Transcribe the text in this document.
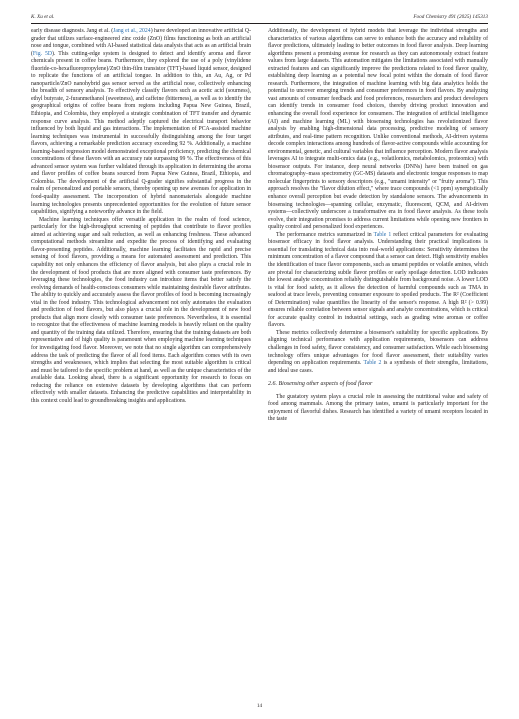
K. Xu et al.	Food Chemistry 491 (2025) 145313

early disease diagnosis. Jang et al. (Jang et al., 2024) have developed an innovative artificial Q-grader that utilizes surface-engineered zinc oxide (ZnO) films functioning as both an artificial nose and tongue, combined with AI-based statistical data analysis that acts as an artificial brain (Fig. 5D). This cutting-edge system is designed to detect and identify aroma and flavor chemicals present in coffee beans. Furthermore, they explored the use of a poly (vinylidene fluoride-co-hexafluoropropylene)/ZnO thin-film transistor (TFT)-based liquid sensor, designed to replicate the functions of an artificial tongue. In addition to this, an Au, Ag, or Pd nanoparticle/ZnO nanohybrid gas sensor served as the artificial nose, collectively enhancing the breadth of sensory analysis. To effectively classify flavors such as acetic acid (sourness), ethyl butyrate, 2-furanmethanol (sweetness), and caffeine (bitterness), as well as to identify the geographical origins of coffee beans from regions including Papua New Guinea, Brazil, Ethiopia, and Colombia, they employed a strategic combination of TFT transfer and dynamic response curve analysis. This method adeptly captured the electrical transport behavior influenced by both liquid and gas interactions. The implementation of PCA-assisted machine learning techniques was instrumental in successfully distinguishing among the four target flavors, achieving a remarkable prediction accuracy exceeding 92 %. Additionally, a machine learning-based regression model demonstrated exceptional proficiency, predicting the chemical concentrations of these flavors with an accuracy rate surpassing 99 %. The effectiveness of this advanced sensor system was further validated through its application in determining the aroma and flavor profiles of coffee beans sourced from Papua New Guinea, Brazil, Ethiopia, and Colombia. The development of the artificial Q-grader signifies substantial progress in the realm of personalized and portable sensors, thereby opening up new avenues for application in food-quality assessment. The incorporation of hybrid nanomaterials alongside machine learning technologies presents unprecedented opportunities for the evolution of future sensor capabilities, signifying a noteworthy advance in the field.

Machine learning techniques offer versatile application in the realm of food science, particularly for the high-throughput screening of peptides that contribute to flavor profiles aimed at achieving sugar and salt reduction, as well as enhancing freshness. These advanced computational methods streamline and expedite the process of identifying and evaluating flavor-presenting peptides. Additionally, machine learning facilitates the rapid and precise sensing of food flavors, providing a means for automated assessment and prediction. This capability not only enhances the efficiency of flavor analysis, but also plays a crucial role in the development of food products that are more aligned with consumer taste preferences. By leveraging these technologies, the food industry can introduce items that better satisfy the evolving demands of health-conscious consumers while maintaining desirable flavor attributes. The ability to quickly and accurately assess the flavor profiles of food is becoming increasingly vital in the food industry. This technological advancement not only automates the evaluation and prediction of food flavors, but also plays a crucial role in the development of new food products that align more closely with consumer taste preferences. Nevertheless, it is essential to recognize that the effectiveness of machine learning models is heavily reliant on the quality and quantity of the training data utilized. Therefore, ensuring that the training datasets are both representative and of high quality is paramount when employing machine learning techniques for investigating food flavor. Moreover, we note that no single algorithm can comprehensively address the task of predicting the flavor of all food items. Each algorithm comes with its own strengths and weaknesses, which implies that selecting the most suitable algorithm is critical and must be tailored to the specific problem at hand, as well as the unique characteristics of the available data. Looking ahead, there is a significant opportunity for research to focus on reducing the reliance on extensive datasets by developing algorithms that can perform effectively with smaller datasets. Enhancing the predictive capabilities and interpretability in this context could lead to groundbreaking insights and applications.

Additionally, the development of hybrid models that leverage the individual strengths and characteristics of various algorithms can serve to enhance both the accuracy and reliability of flavor predictions, ultimately leading to better outcomes in food flavor analysis. Deep learning algorithms present a promising avenue for research as they can autonomously extract feature values from large datasets. This automation mitigates the limitations associated with manually extracted features and can significantly improve the predictions related to food flavor quality, establishing deep learning as a potential new focal point within the domain of food flavor research. Furthermore, the integration of machine learning with big data analytics holds the potential to uncover emerging trends and consumer preferences in food flavors. By analyzing vast amounts of consumer feedback and food preferences, researchers and product developers can identify trends in consumer food choices, thereby driving product innovation and enhancing the overall food experience for consumers. The integration of artificial intelligence (AI) and machine learning (ML) with biosensing technologies has revolutionized flavor analysis by enabling high-dimensional data processing, predictive modeling of sensory attributes, and real-time pattern recognition. Unlike conventional methods, AI-driven systems decode complex interactions among hundreds of flavor-active compounds while accounting for environmental, genetic, and cultural variables that influence perception. Modern flavor analysis leverages AI to integrate multi-omics data (e.g., volatilomics, metabolomics, proteomics) with biosensor outputs. For instance, deep neural networks (DNNs) have been trained on gas chromatography–mass spectrometry (GC-MS) datasets and electronic tongue responses to map molecular fingerprints to sensory descriptors (e.g., "umami intensity" or "fruity aroma"). This approach resolves the "flavor dilution effect," where trace compounds (<1 ppm) synergistically enhance overall perception but evade detection by standalone sensors. The advancements in biosensing technologies—spanning cellular, enzymatic, fluorescent, QCM, and AI-driven systems—collectively underscore a transformative era in food flavor analysis. As these tools evolve, their integration promises to address current limitations while opening new frontiers in quality control and personalized food experiences.

The performance metrics summarized in Table 1 reflect critical parameters for evaluating biosensor efficacy in food flavor analysis. Understanding their practical implications is essential for translating technical data into real-world applications: Sensitivity determines the minimum concentration of a flavor compound that a sensor can detect. High sensitivity enables the identification of trace flavor components, such as umami peptides or volatile amines, which are pivotal for characterizing subtle flavor profiles or early spoilage detection. LOD indicates the lowest analyte concentration reliably distinguishable from background noise. A lower LOD is vital for food safety, as it allows the detection of harmful compounds such as TMA in seafood at trace levels, preventing consumer exposure to spoiled products. The R² (Coefficient of Determination) value quantifies the linearity of the sensor's response. A high R² (> 0.99) ensures reliable correlation between sensor signals and analyte concentrations, which is critical for accurate quality control in industrial settings, such as grading wine aromas or coffee flavors.

These metrics collectively determine a biosensor's suitability for specific applications. By aligning technical performance with application requirements, biosensors can address challenges in food safety, flavor consistency, and consumer satisfaction. While each biosensing technology offers unique advantages for food flavor assessment, their suitability varies depending on application requirements. Table 2 is a synthesis of their strengths, limitations, and ideal use cases.

2.6. Biosensing other aspects of food flavor

The gustatory system plays a crucial role in assessing the nutritional value and safety of food among mammals. Among the primary tastes, umami is particularly important for the enjoyment of flavorful dishes. Research has identified a variety of umami receptors located in the taste

14
